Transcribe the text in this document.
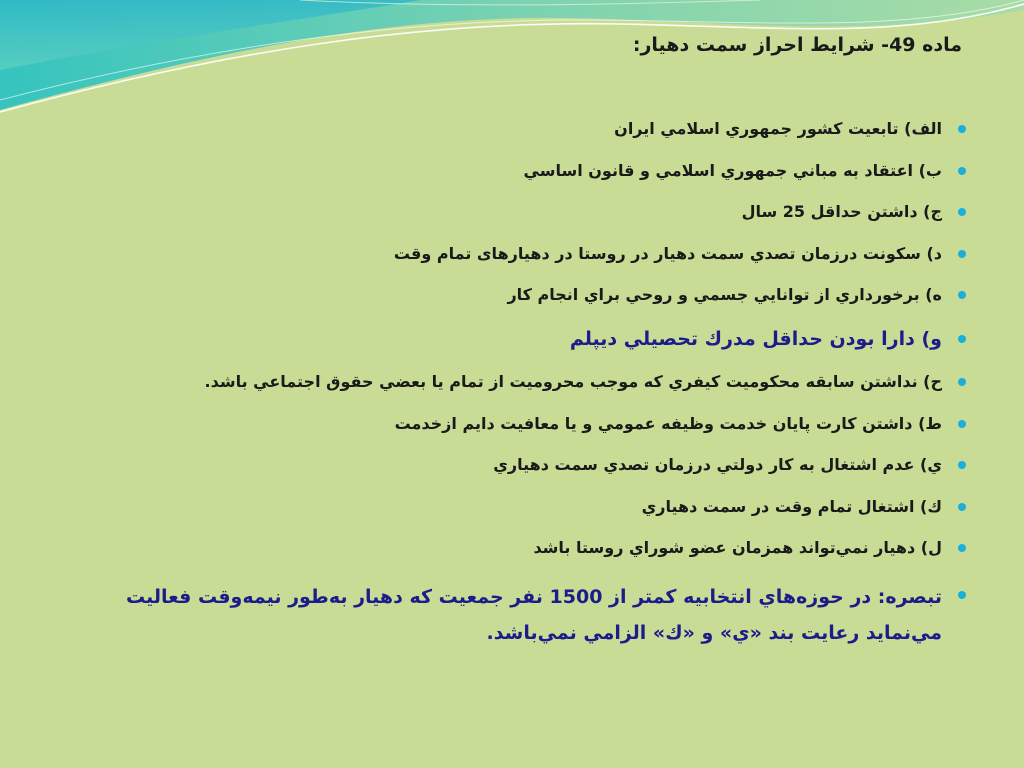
ماده 49- شرايط احراز سمت دهيار:
الف) تابعيت كشور جمهوري اسلامي ايران
ب) اعتقاد به مباني جمهوري اسلامي و قانون اساسي
ج) داشتن حداقل 25 سال
د) سكونت درزمان تصدي سمت دهيار در روستا در دهیارهای تمام وقت
ه) برخورداري از توانايي جسمي و روحي براي انجام كار
و) دارا بودن حداقل مدرك تحصيلي ديپلم
ح) نداشتن سابقه محكوميت كيفري كه موجب محروميت از تمام يا بعضي حقوق اجتماعي باشد.
ط) داشتن كارت پايان خدمت وظيفه عمومي و يا معافيت دايم ازخدمت
ي) عدم اشتغال به كار دولتي درزمان تصدي سمت دهياري
ك) اشتغال تمام وقت در سمت دهياري
ل) دهيار نمي‌تواند همزمان عضو شوراي روستا باشد
تبصره: در حوزه‌هاي انتخابيه كمتر از 1500 نفر جمعيت كه دهيار به‌طور نيمه‌وقت فعاليت مي‌نمايد رعايت بند «ي» و «ك» الزامي نمي‌باشد.
